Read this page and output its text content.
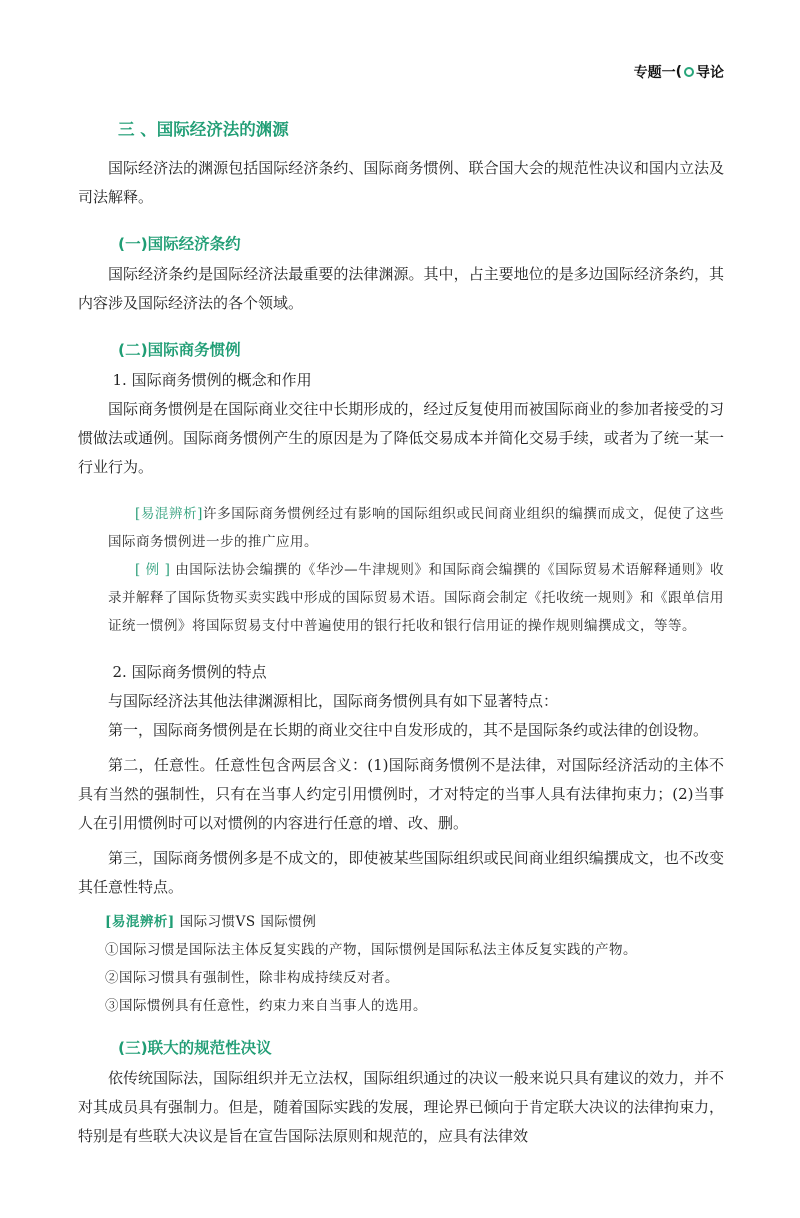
专题一 ( 导论
三 、国际经济法的渊源

国际经济法的渊源包括国际经济条约、国际商务惯例、联合国大会的规范性决议和国内立法及司法解释。

(一)国际经济条约

国际经济条约是国际经济法最重要的法律渊源。其中，占主要地位的是多边国际经济条约，其内容涉及国际经济法的各个领域。

(二)国际商务惯例

1. 国际商务惯例的概念和作用

国际商务惯例是在国际商业交往中长期形成的，经过反复使用而被国际商业的参加者接受的习惯做法或通例。国际商务惯例产生的原因是为了降低交易成本并简化交易手续，或者为了统一某一行业行为。

[易混辨析]许多国际商务惯例经过有影响的国际组织或民间商业组织的编撰而成文，促使了这些国际商务惯例进一步的推广应用。

[ 例 ] 由国际法协会编撰的《华沙—牛津规则》和国际商会编撰的《国际贸易术语解释通则》收录并解释了国际货物买卖实践中形成的国际贸易术语。国际商会制定《托收统一规则》和《跟单信用证统一惯例》将国际贸易支付中普遍使用的银行托收和银行信用证的操作规则编撰成文，等等。

2. 国际商务惯例的特点

与国际经济法其他法律渊源相比，国际商务惯例具有如下显著特点：

第一，国际商务惯例是在长期的商业交往中自发形成的，其不是国际条约或法律的创设物。

第二，任意性。任意性包含两层含义：(1)国际商务惯例不是法律，对国际经济活动的主体不具有当然的强制性，只有在当事人约定引用惯例时，才对特定的当事人具有法律拘束力；(2)当事人在引用惯例时可以对惯例的内容进行任意的增、改、删。

第三，国际商务惯例多是不成文的，即使被某些国际组织或民间商业组织编撰成文，也不改变其任意性特点。

[易混辨析] 国际习惯VS 国际惯例

①国际习惯是国际法主体反复实践的产物，国际惯例是国际私法主体反复实践的产物。

②国际习惯具有强制性，除非构成持续反对者。

③国际惯例具有任意性，约束力来自当事人的选用。

(三)联大的规范性决议

依传统国际法，国际组织并无立法权，国际组织通过的决议一般来说只具有建议的效力，并不对其成员具有强制力。但是，随着国际实践的发展，理论界已倾向于肯定联大决议的法律拘束力，特别是有些联大决议是旨在宣告国际法原则和规范的，应具有法律效
